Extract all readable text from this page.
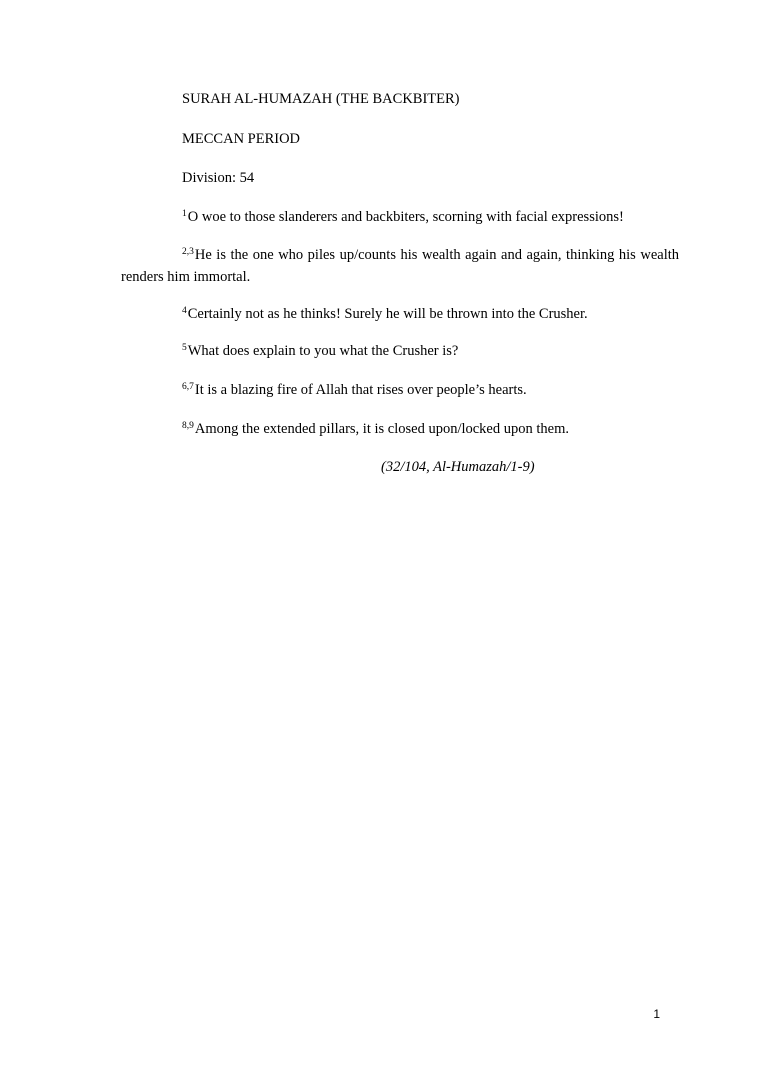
SURAH AL-HUMAZAH (THE BACKBITER)
MECCAN PERIOD
Division: 54
$^1$O woe to those slanderers and backbiters, scorning with facial expressions!
$^{2,3}$He is the one who piles up/counts his wealth again and again, thinking his wealth renders him immortal.
$^4$Certainly not as he thinks! Surely he will be thrown into the Crusher.
$^5$What does explain to you what the Crusher is?
$^{6,7}$It is a blazing fire of Allah that rises over people’s hearts.
$^{8,9}$Among the extended pillars, it is closed upon/locked upon them.
(32/104, Al-Humazah/1-9)
1
